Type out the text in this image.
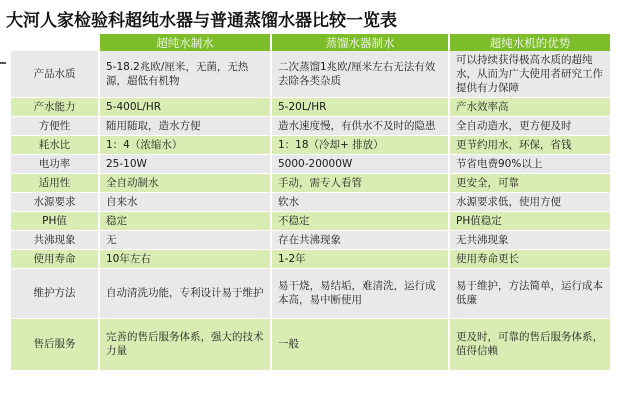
大河人家检验科超纯水器与普通蒸馏水器比较一览表
	超纯水制水	蒸馏水器制水	超纯水机的优势
产品水质	5-18.2兆欧/厘米，无菌，无热源，超低有机物	二次蒸馏1兆欧/厘米左右无法有效去除各类杂质	可以持续获得极高水质的超纯水，从而为广大使用者研究工作提供有力保障
产水能力	5-400L/HR	5-20L/HR	产水效率高
方便性	随用随取，造水方便	造水速度慢，有供水不及时的隐患	全自动造水，更方便及时
耗水比	1：4（浓缩水）	1：18（冷却+ 排放）	更节约用水，环保，省钱
电功率	25-10W	5000-20000W	节省电费90%以上
适用性	全自动制水	手动，需专人看管	更安全，可靠
水源要求	自来水	软水	水源要求低，使用方便
PH值	稳定	不稳定	PH值稳定
共沸现象	无	存在共沸现象	无共沸现象
使用寿命	10年左右	1-2年	使用寿命更长
维护方法	自动清洗功能，专利设计易于维护	易干烧，易结垢，难清洗，运行成本高，易中断使用	易于维护，方法简单，运行成本低廉
售后服务	完善的售后服务体系，强大的技术力量	一般	更及时，可靠的售后服务体系，值得信赖
